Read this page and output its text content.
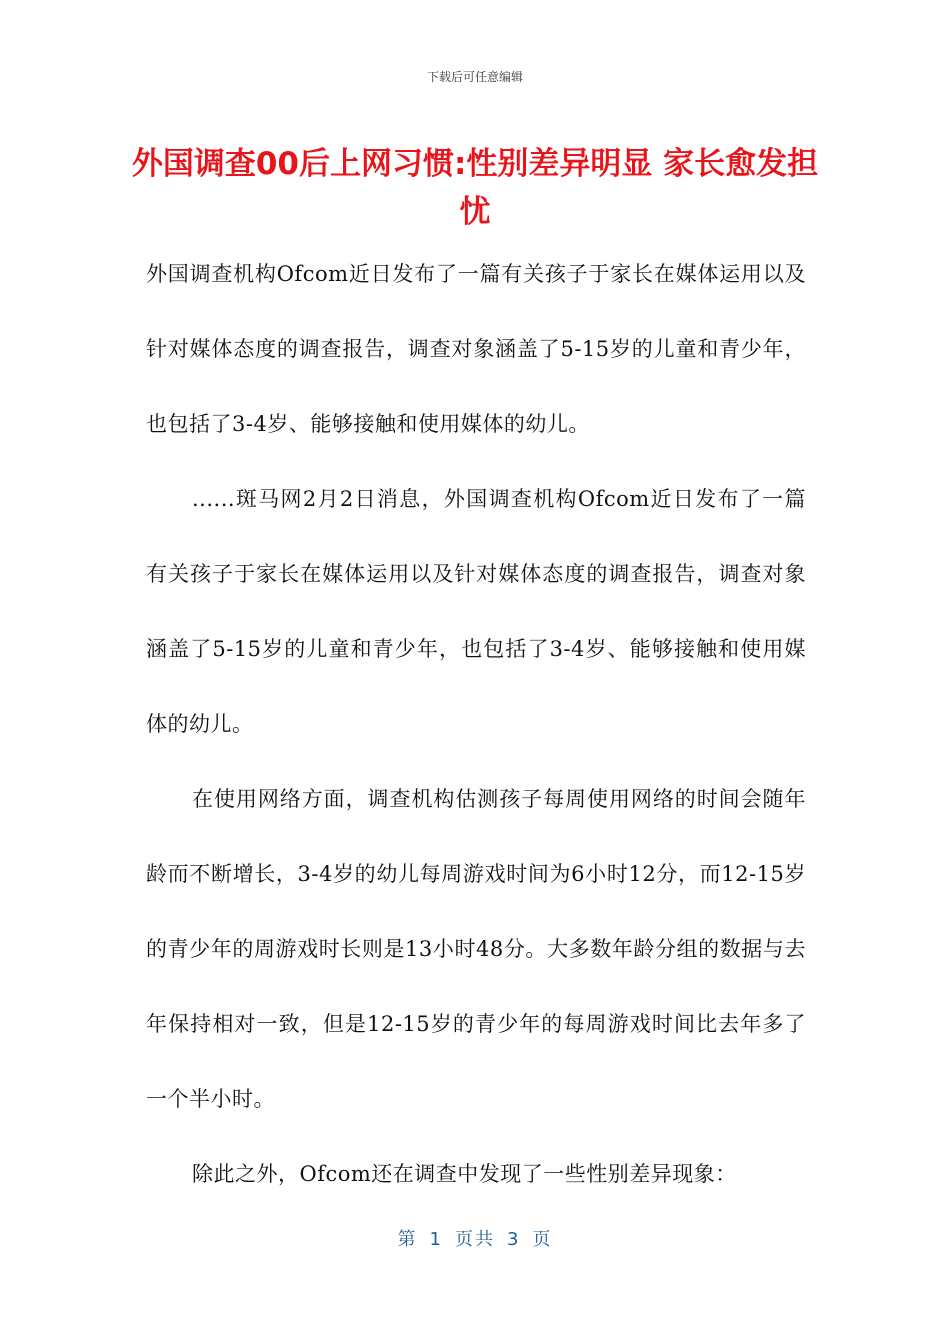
下载后可任意编辑
外国调查00后上网习惯:性别差异明显 家长愈发担忧

外国调查机构Ofcom近日发布了一篇有关孩子于家长在媒体运用以及针对媒体态度的调查报告，调查对象涵盖了5-15岁的儿童和青少年，也包括了3-4岁、能够接触和使用媒体的幼儿。

......斑马网2月2日消息，外国调查机构Ofcom近日发布了一篇有关孩子于家长在媒体运用以及针对媒体态度的调查报告，调查对象涵盖了5-15岁的儿童和青少年，也包括了3-4岁、能够接触和使用媒体的幼儿。

在使用网络方面，调查机构估测孩子每周使用网络的时间会随年龄而不断增长，3-4岁的幼儿每周游戏时间为6小时12分，而12-15岁的青少年的周游戏时长则是13小时48分。大多数年龄分组的数据与去年保持相对一致，但是12-15岁的青少年的每周游戏时间比去年多了一个半小时。

除此之外，Ofcom还在调查中发现了一些性别差异现象：

第 1 页共 3 页
